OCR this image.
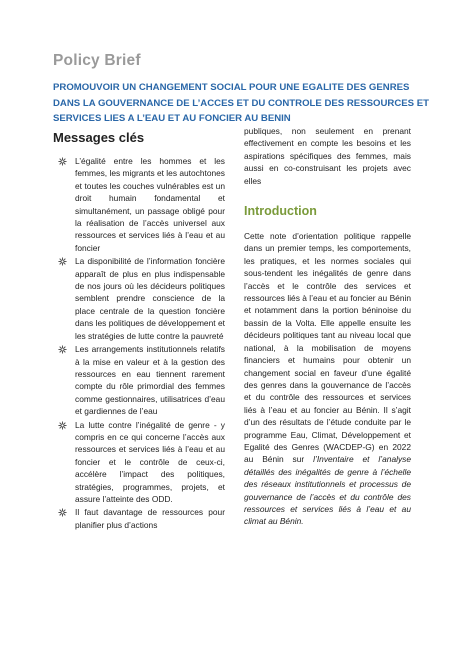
Policy Brief
PROMOUVOIR UN CHANGEMENT SOCIAL POUR UNE EGALITE DES GENRES
DANS LA GOUVERNANCE DE L’ACCES ET DU CONTROLE DES RESSOURCES ET
SERVICES LIES A L’EAU ET AU FONCIER AU BENIN
Messages clés
L’égalité entre les hommes et les femmes, les migrants et les autochtones et toutes les couches vulnérables est un droit humain fondamental et simultanément, un passage obligé pour la réalisation de l’accès universel aux ressources et services liés à l’eau et au foncier
La disponibilité de l’information foncière apparaît de plus en plus indispensable de nos jours où les décideurs politiques semblent prendre conscience de la place centrale de la question foncière dans les politiques de développement et les stratégies de lutte contre la pauvreté
Les arrangements institutionnels relatifs à la mise en valeur et à la gestion des ressources en eau tiennent rarement compte du rôle primordial des femmes comme gestionnaires, utilisatrices d’eau et gardiennes de l’eau
La lutte contre l’inégalité de genre - y compris en ce qui concerne l’accès aux ressources et services liés à l’eau et au foncier et le contrôle de ceux-ci, accélère l’impact des politiques, stratégies, programmes, projets, et assure l’atteinte des ODD.
Il faut davantage de ressources pour planifier plus d’actions

publiques, non seulement en prenant effectivement en compte les besoins et les aspirations spécifiques des femmes, mais aussi en co-construisant les projets avec elles

Introduction

Cette note d’orientation politique rappelle dans un premier temps, les comportements, les pratiques, et les normes sociales qui sous-tendent les inégalités de genre dans l’accès et le contrôle des services et ressources liés à l’eau et au foncier au Bénin et notamment dans la portion béninoise du bassin de la Volta. Elle appelle ensuite les décideurs politiques tant au niveau local que national, à la mobilisation de moyens financiers et humains pour obtenir un changement social en faveur d’une égalité des genres dans la gouvernance de l’accès et du contrôle des ressources et services liés à l’eau et au foncier au Bénin. Il s’agit d’un des résultats de l’étude conduite par le programme Eau, Climat, Développement et Egalité des Genres (WACDEP-G) en 2022 au Bénin sur l’Inventaire et l’analyse détaillés des inégalités de genre à l’échelle des réseaux institutionnels et processus de gouvernance de l’accès et du contrôle des ressources et services liés à l’eau et au climat au Bénin.
